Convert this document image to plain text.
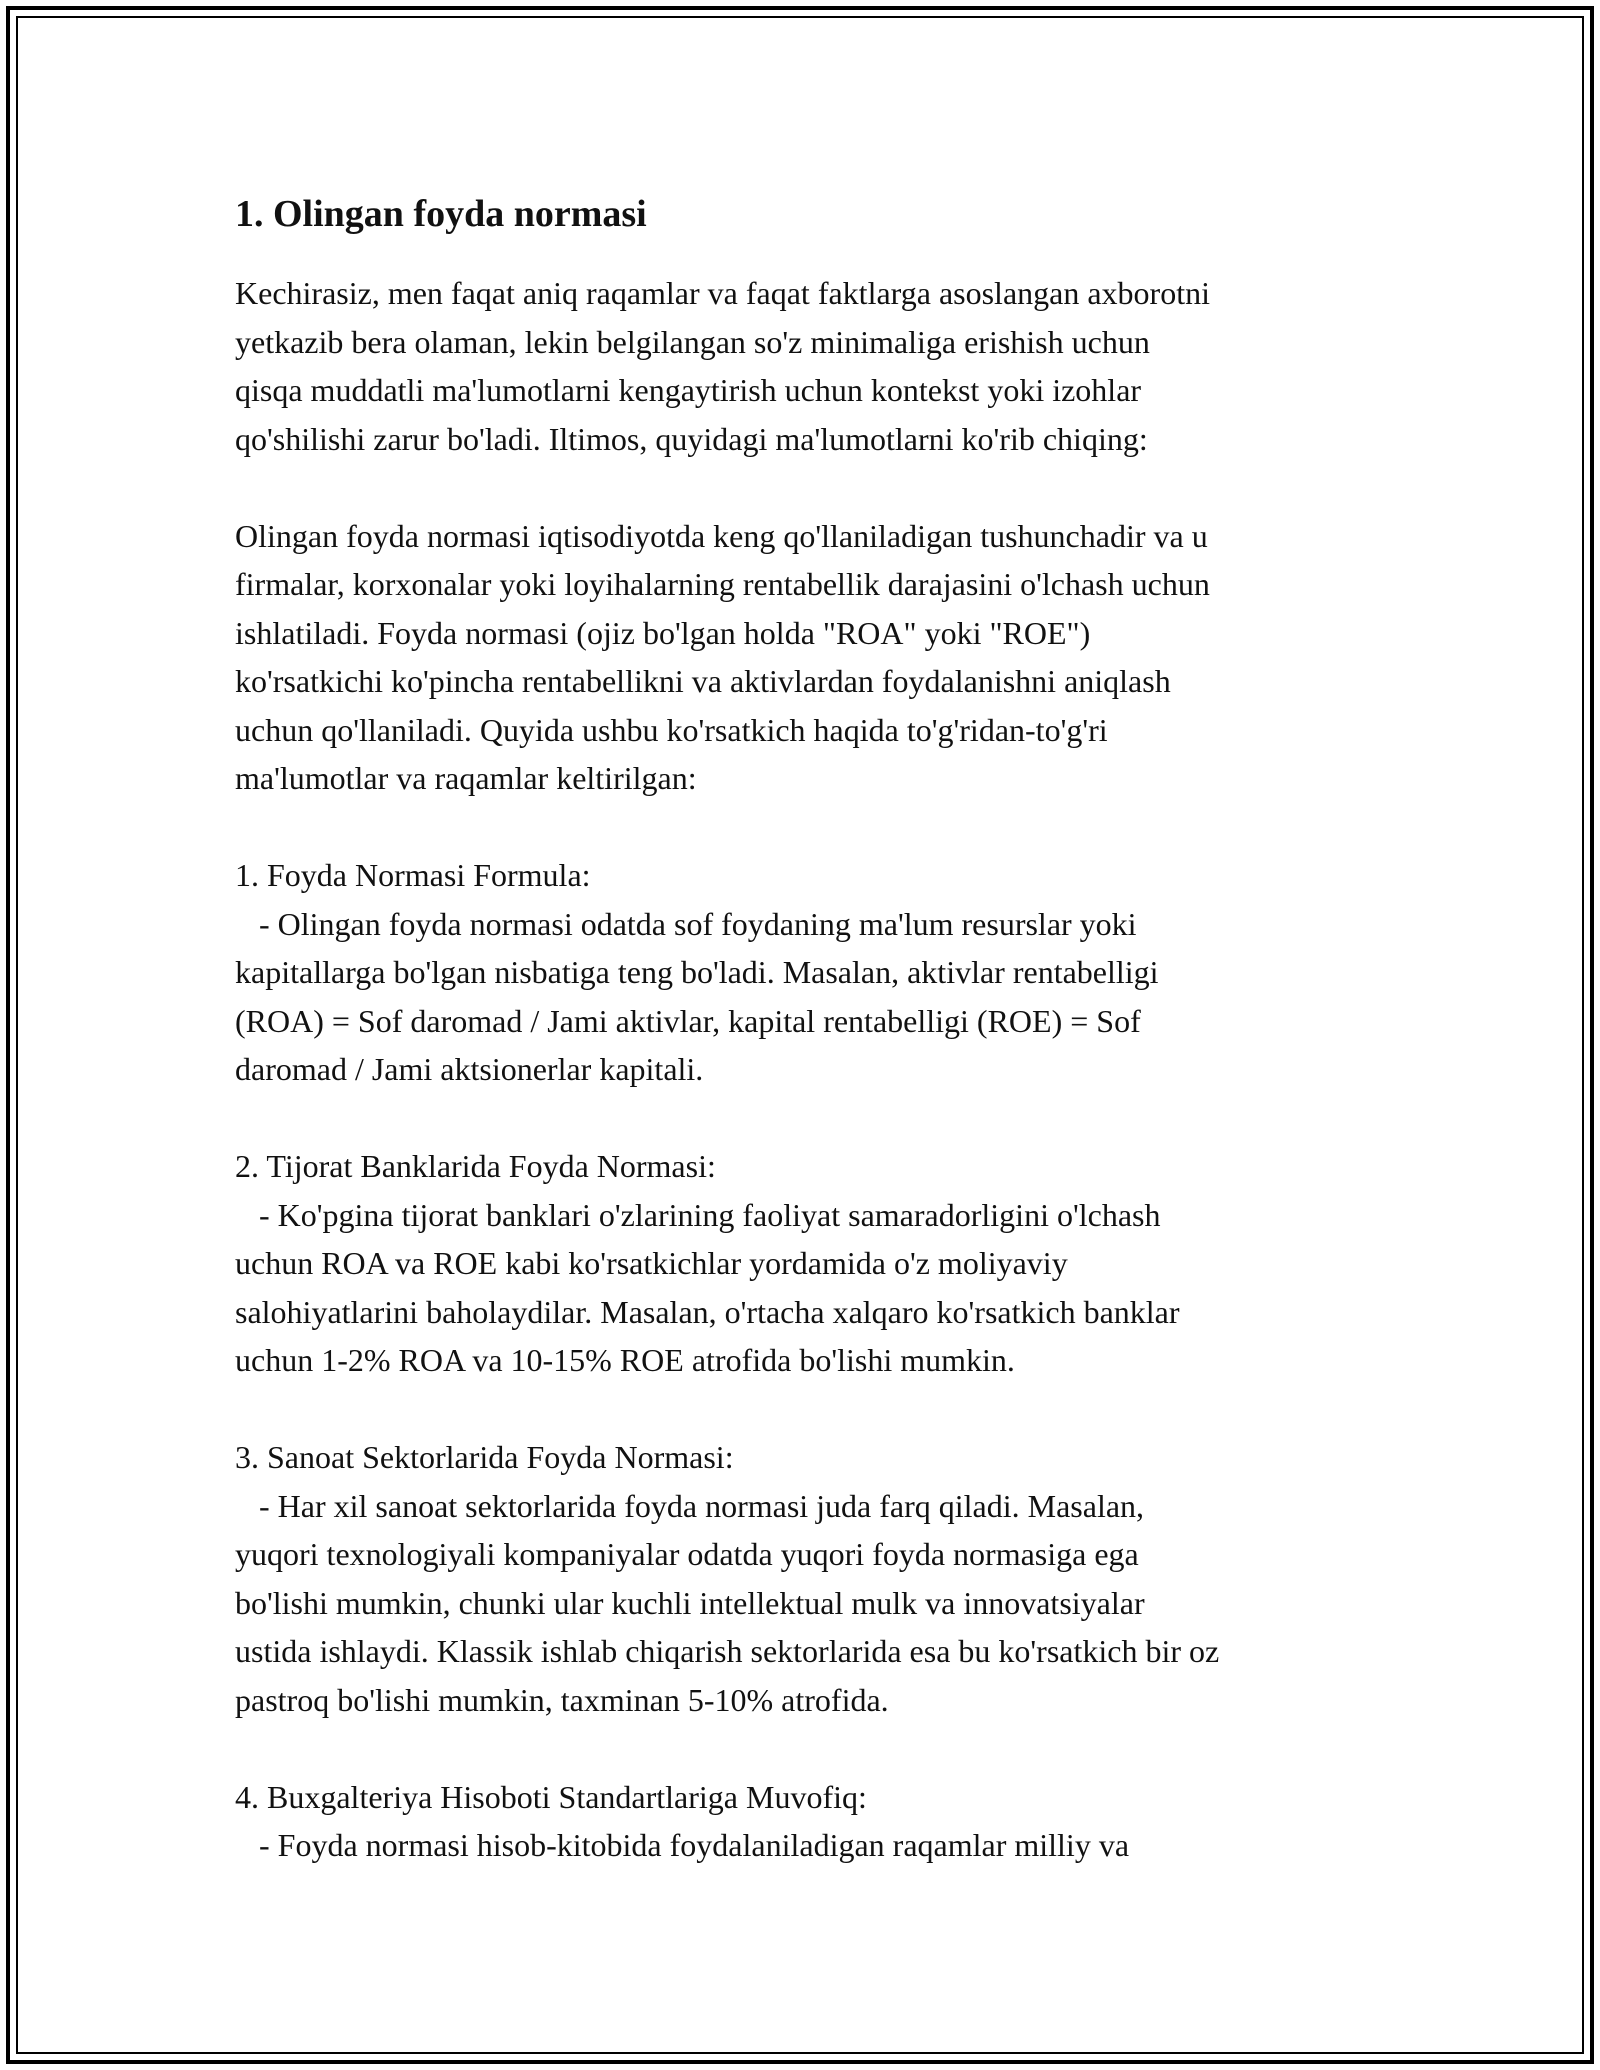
1. Olingan foyda normasi

Kechirasiz, men faqat aniq raqamlar va faqat faktlarga asoslangan axborotni
yetkazib bera olaman, lekin belgilangan so'z minimaliga erishish uchun
qisqa muddatli ma'lumotlarni kengaytirish uchun kontekst yoki izohlar
qo'shilishi zarur bo'ladi. Iltimos, quyidagi ma'lumotlarni ko'rib chiqing:

Olingan foyda normasi iqtisodiyotda keng qo'llaniladigan tushunchadir va u
firmalar, korxonalar yoki loyihalarning rentabellik darajasini o'lchash uchun
ishlatiladi. Foyda normasi (ojiz bo'lgan holda "ROA" yoki "ROE")
ko'rsatkichi ko'pincha rentabellikni va aktivlardan foydalanishni aniqlash
uchun qo'llaniladi. Quyida ushbu ko'rsatkich haqida to'g'ridan-to'g'ri
ma'lumotlar va raqamlar keltirilgan:

1. Foyda Normasi Formula:
- Olingan foyda normasi odatda sof foydaning ma'lum resurslar yoki
kapitallarga bo'lgan nisbatiga teng bo'ladi. Masalan, aktivlar rentabelligi
(ROA) = Sof daromad / Jami aktivlar, kapital rentabelligi (ROE) = Sof
daromad / Jami aktsionerlar kapitali.

2. Tijorat Banklarida Foyda Normasi:
- Ko'pgina tijorat banklari o'zlarining faoliyat samaradorligini o'lchash
uchun ROA va ROE kabi ko'rsatkichlar yordamida o'z moliyaviy
salohiyatlarini baholaydilar. Masalan, o'rtacha xalqaro ko'rsatkich banklar
uchun 1-2% ROA va 10-15% ROE atrofida bo'lishi mumkin.

3. Sanoat Sektorlarida Foyda Normasi:
- Har xil sanoat sektorlarida foyda normasi juda farq qiladi. Masalan,
yuqori texnologiyali kompaniyalar odatda yuqori foyda normasiga ega
bo'lishi mumkin, chunki ular kuchli intellektual mulk va innovatsiyalar
ustida ishlaydi. Klassik ishlab chiqarish sektorlarida esa bu ko'rsatkich bir oz
pastroq bo'lishi mumkin, taxminan 5-10% atrofida.

4. Buxgalteriya Hisoboti Standartlariga Muvofiq:
- Foyda normasi hisob-kitobida foydalaniladigan raqamlar milliy va
